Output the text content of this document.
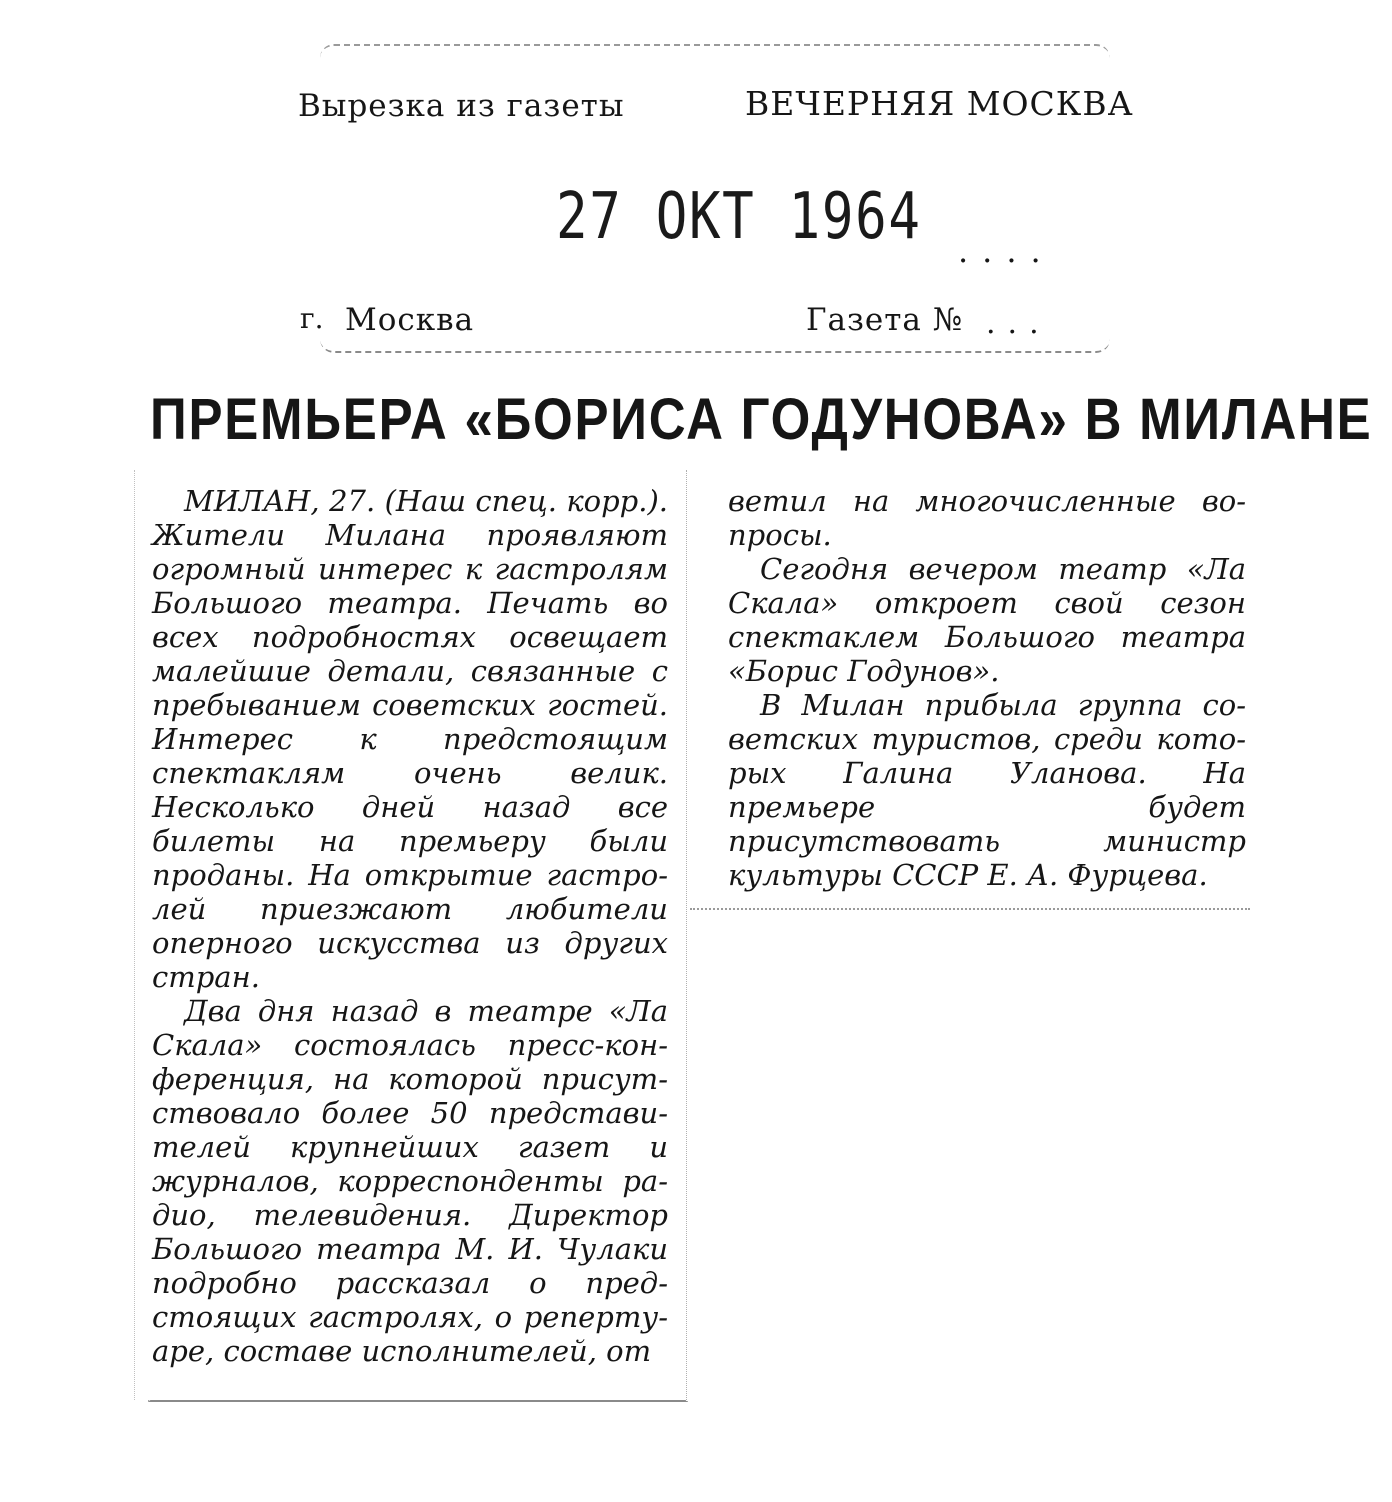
Вырезка из газеты	ВЕЧЕРНЯЯ МОСКВА
27 ОКТ 1964 ....
г. Москва	Газета № ...
ПРЕМЬЕРА «БОРИСА ГОДУНОВА» В МИЛАНЕ

МИЛАН, 27. (Наш спец. корр.). Жители Милана проявляют огромный интерес к гастролям Большого театра. Печать во всех подробностях освещает малейшие детали, связанные с пребыванием советских гостей. Интерес к предстоящим спектаклям очень велик. Несколько дней назад все билеты на премьеру были проданы. На открытие гастролей приезжают любители оперного искусства из других стран.

Два дня назад в театре «Ла Скала» состоялась пресс-конференция, на которой присутствовало более 50 представителей крупнейших газет и журналов, корреспонденты радио, телевидения. Директор Большого театра М. И. Чулаки подробно рассказал о предстоящих гастролях, о репертуаре, составе исполнителей, от

ветил на многочисленные вопросы.

Сегодня вечером театр «Ла Скала» откроет свой сезон спектаклем Большого театра «Борис Годунов».

В Милан прибыла группа советских туристов, среди которых Галина Уланова. На премьере будет присутствовать министр культуры СССР Е. А. Фурцева.
